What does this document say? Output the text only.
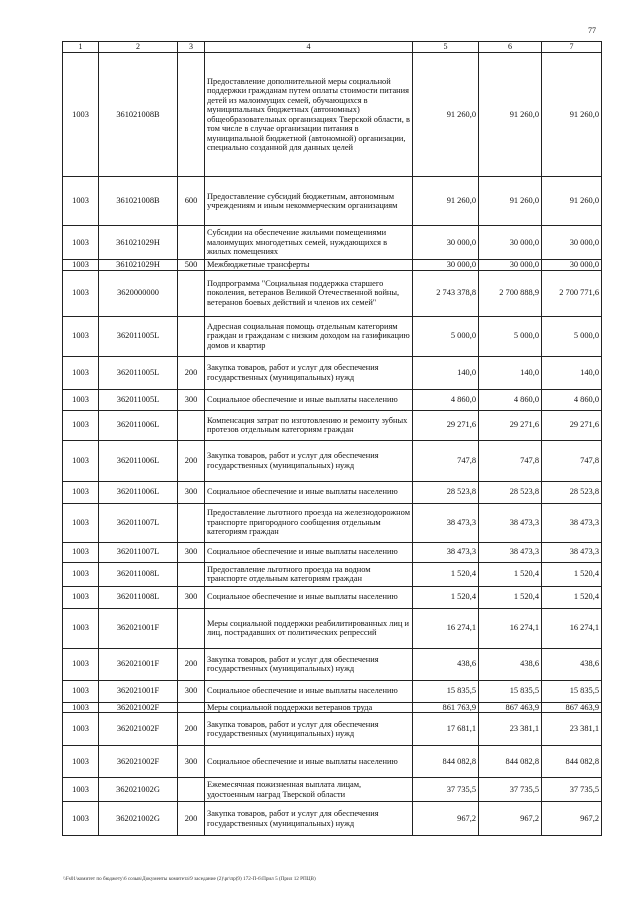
77
1	2	3	4	5	6	7
1003	361021008В		Предоставление дополнительной меры социальной поддержки гражданам путем оплаты стоимости питания детей из малоимущих семей, обучающихся в муниципальных бюджетных (автономных) общеобразовательных организациях Тверской области, в том числе в случае организации питания в муниципальной бюджетной (автономной) организации, специально созданной для данных целей	91 260,0	91 260,0	91 260,0
1003	361021008В	600	Предоставление субсидий бюджетным, автономным учреждениям и иным некоммерческим организациям	91 260,0	91 260,0	91 260,0
1003	361021029Н		Субсидии на обеспечение жильими помещениями малоимущих многодетных семей, нуждающихся в жилых помещениях	30 000,0	30 000,0	30 000,0
1003	361021029Н	500	Межбюджетные трансферты	30 000,0	30 000,0	30 000,0
1003	3620000000		Подпрограмма "Социальная поддержка старшего поколения, ветеранов Великой Отечественной войны, ветеранов боевых действий и членов их семей"	2 743 378,8	2 700 888,9	2 700 771,6
1003	362011005L		Адресная социальная помощь отдельным категориям граждан и гражданам с низким доходом на газификацию домов и квартир	5 000,0	5 000,0	5 000,0
1003	362011005L	200	Закупка товаров, работ и услуг для обеспечения государственных (муниципальных) нужд	140,0	140,0	140,0
1003	362011005L	300	Социальное обеспечение и иные выплаты населению	4 860,0	4 860,0	4 860,0
1003	362011006L		Компенсация затрат по изготовлению и ремонту зубных протезов отдельным категориям граждан	29 271,6	29 271,6	29 271,6
1003	362011006L	200	Закупка товаров, работ и услуг для обеспечения государственных (муниципальных) нужд	747,8	747,8	747,8
1003	362011006L	300	Социальное обеспечение и иные выплаты населению	28 523,8	28 523,8	28 523,8
1003	362011007L		Предоставление льготного проезда на железнодорожном транспорте пригородного сообщения отдельным категориям граждан	38 473,3	38 473,3	38 473,3
1003	362011007L	300	Социальное обеспечение и иные выплаты населению	38 473,3	38 473,3	38 473,3
1003	362011008L		Предоставление льготного проезда на водном транспорте отдельным категориям граждан	1 520,4	1 520,4	1 520,4
1003	362011008L	300	Социальное обеспечение и иные выплаты населению	1 520,4	1 520,4	1 520,4
1003	362021001F		Меры социальной поддержки реабилитированных лиц и лиц, пострадавших от политических репрессий	16 274,1	16 274,1	16 274,1
1003	362021001F	200	Закупка товаров, работ и услуг для обеспечения государственных (муниципальных) нужд	438,6	438,6	438,6
1003	362021001F	300	Социальное обеспечение и иные выплаты населению	15 835,5	15 835,5	15 835,5
1003	362021002F		Меры социальной поддержки ветеранов труда	861 763,9	867 463,9	867 463,9
1003	362021002F	200	Закупка товаров, работ и услуг для обеспечения государственных (муниципальных) нужд	17 681,1	23 381,1	23 381,1
1003	362021002F	300	Социальное обеспечение и иные выплаты населению	844 082,8	844 082,8	844 082,8
1003	362021002G		Ежемесячная пожизненная выплата лицам, удостоенным наград Тверской области	37 735,5	37 735,5	37 735,5
1003	362021002G	200	Закупка товаров, работ и услуг для обеспечения государственных (муниципальных) нужд	967,2	967,2	967,2
\\Fs01\комитет по бюджету\6 созыв\Документы комитета\9 заседание (2)\pr\пр(9) 172-П-6\Прил 5 (Прил 12 РПЦВ)
